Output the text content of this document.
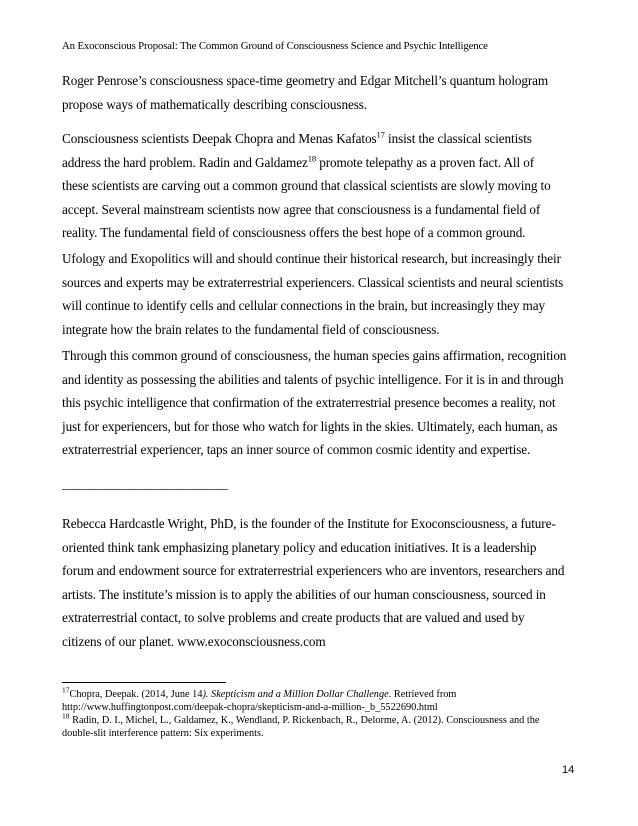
An Exoconscious Proposal: The Common Ground of Consciousness Science and Psychic Intelligence
Roger Penrose’s consciousness space-time geometry and Edgar Mitchell’s quantum hologram
propose ways of mathematically describing consciousness.
Consciousness scientists Deepak Chopra and Menas Kafatos$^{17}$ insist the classical scientists
address the hard problem. Radin and Galdamez$^{18}$ promote telepathy as a proven fact. All of
these scientists are carving out a common ground that classical scientists are slowly moving to
accept. Several mainstream scientists now agree that consciousness is a fundamental field of
reality. The fundamental field of consciousness offers the best hope of a common ground.
Ufology and Exopolitics will and should continue their historical research, but increasingly their
sources and experts may be extraterrestrial experiencers. Classical scientists and neural scientists
will continue to identify cells and cellular connections in the brain, but increasingly they may
integrate how the brain relates to the fundamental field of consciousness.
Through this common ground of consciousness, the human species gains affirmation, recognition
and identity as possessing the abilities and talents of psychic intelligence. For it is in and through
this psychic intelligence that confirmation of the extraterrestrial presence becomes a reality, not
just for experiencers, but for those who watch for lights in the skies. Ultimately, each human, as
extraterrestrial experiencer, taps an inner source of common cosmic identity and expertise.
______________________________
Rebecca Hardcastle Wright, PhD, is the founder of the Institute for Exoconsciousness, a future-
oriented think tank emphasizing planetary policy and education initiatives. It is a leadership
forum and endowment source for extraterrestrial experiencers who are inventors, researchers and
artists. The institute’s mission is to apply the abilities of our human consciousness, sourced in
extraterrestrial contact, to solve problems and create products that are valued and used by
citizens of our planet. www.exoconsciousness.com
$^{17}$Chopra, Deepak. (2014, June 14). Skepticism and a Million Dollar Challenge. Retrieved from
http://www.huffingtonpost.com/deepak-chopra/skepticism-and-a-million-_b_5522690.html
$^{18}$ Radin, D. I., Michel, L., Galdamez, K., Wendland, P. Rickenbach, R., Delorme, A. (2012). Consciousness and the
double-slit interference pattern: Six experiments.
14
